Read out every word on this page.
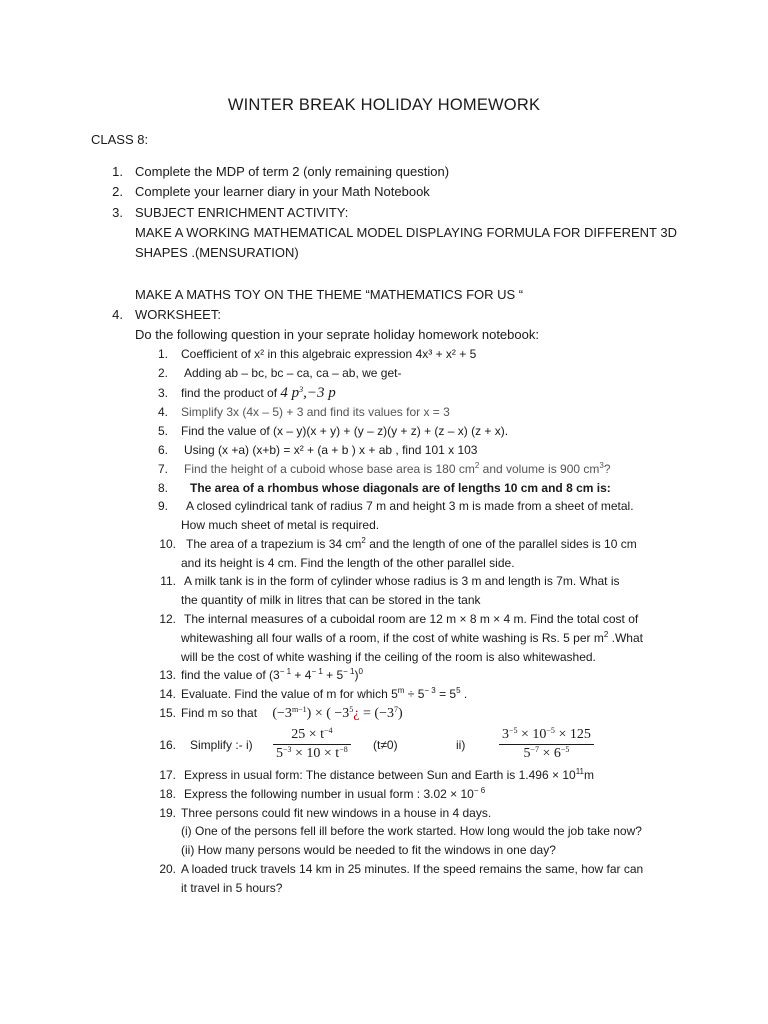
WINTER BREAK HOLIDAY HOMEWORK
CLASS 8:
1. Complete the MDP of term 2 (only remaining question)
2. Complete your learner diary in your Math Notebook
3. SUBJECT ENRICHMENT ACTIVITY:
MAKE A WORKING MATHEMATICAL MODEL DISPLAYING FORMULA FOR DIFFERENT 3D
SHAPES .(MENSURATION)
MAKE A MATHS TOY ON THE THEME “MATHEMATICS FOR US “
4. WORKSHEET:
Do the following question in your seprate holiday homework notebook:
1. Coefficient of x² in this algebraic expression 4x³ + x² + 5
2. Adding ab – bc, bc – ca, ca – ab, we get-
3. find the product of 4 $p^3,-3$ p
4. Simplify 3x (4x – 5) + 3 and find its values for x = 3
5. Find the value of (x – y)(x + y) + (y – z)(y + z) + (z – x) (z + x).
6. Using (x +a) (x+b) = x² + (a + b ) x + ab , find 101 x 103
7. Find the height of a cuboid whose base area is 180 $cm^2$ and volume is 900 $cm^3$?
8. The area of a rhombus whose diagonals are of lengths 10 cm and 8 cm is:
9. A closed cylindrical tank of radius 7 m and height 3 m is made from a sheet of metal.
How much sheet of metal is required.
10. The area of a trapezium is 34 $cm^2$ and the length of one of the parallel sides is 10 cm
and its height is 4 cm. Find the length of the other parallel side.
11. A milk tank is in the form of cylinder whose radius is 3 m and length is 7m. What is
the quantity of milk in litres that can be stored in the tank
12. The internal measures of a cuboidal room are 12 m × 8 m × 4 m. Find the total cost of
whitewashing all four walls of a room, if the cost of white washing is Rs. 5 per $m^2$ .What
will be the cost of white washing if the ceiling of the room is also whitewashed.
13. find the value of $(3^{- 1} + 4^{- 1} + 5^{- 1})^0$
14. Evaluate. Find the value of m for which $5^m \div 5^{- 3} = 5^5$ .
15. Find m so that $(-3^{m-1})$ × ( $-3^5¿ = (-3^7)$
16. Simplify :- $i) \frac{25 \times t^{-4}}{5^{-3} \times 10 \times t^{-8}} (t\ne 0)$	$ii) \frac{3^{-5} \times 10^{-5} \times 125}{5^{-7} \times 6^{-5}}$
17. Express in usual form: The distance between Sun and Earth is $1.496 \times 10^{11}m$
18. Express the following number in usual form : $3.02 \times 10^{- 6}$
19. Three persons could fit new windows in a house in 4 days.
(i) One of the persons fell ill before the work started. How long would the job take now?
(ii) How many persons would be needed to fit the windows in one day?
20. A loaded truck travels 14 km in 25 minutes. If the speed remains the same, how far can
it travel in 5 hours?
